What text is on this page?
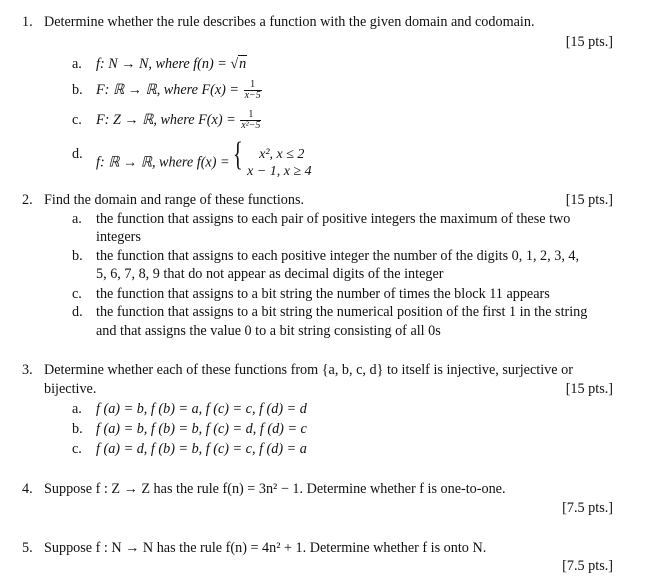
1. Determine whether the rule describes a function with the given domain and codomain.
[15 pts.]
a. f: N → N, where f(n) = √n
b. F: ℝ → ℝ, where $F(x) = \frac{1}{x-5}$
c. F: Z → ℝ, where $F(x) = \frac{1}{\text{x²−5}}$
d.
f: ℝ → ℝ, where f(x) = {	x², x ≤ 2
x − 1, x ≥ 4
2. Find the domain and range of these functions.	[15 pts.]
a. the function that assigns to each pair of positive integers the maximum of these two
integers
b. the function that assigns to each positive integer the number of the digits 0, 1, 2, 3, 4,
5, 6, 7, 8, 9 that do not appear as decimal digits of the integer
c. the function that assigns to a bit string the number of times the block 11 appears
d. the function that assigns to a bit string the numerical position of the first 1 in the string
and that assigns the value 0 to a bit string consisting of all 0s
3. Determine whether each of these functions from {a, b, c, d} to itself is injective, surjective or
bijective.	[15 pts.]
a. f (a) = b, f (b) = a, f (c) = c, f (d) = d
b. f (a) = b, f (b) = b, f (c) = d, f (d) = c
c. f (a) = d, f (b) = b, f (c) = c, f (d) = a
4. Suppose f : Z → Z has the rule f(n) = 3n² − 1. Determine whether f is one-to-one.
[7.5 pts.]
5. Suppose f : N → N has the rule f(n) = 4n² + 1. Determine whether f is onto N.
[7.5 pts.]
